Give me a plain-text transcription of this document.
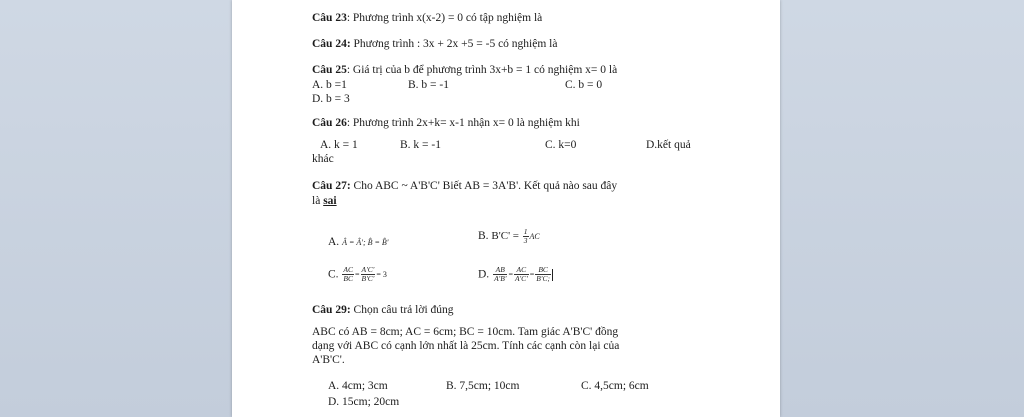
Câu 23: Phương trình x(x-2) = 0 có tập nghiệm là
Câu 24: Phương trình : 3x + 2x +5 = -5 có nghiệm là
Câu 25: Giá trị của b để phương trình 3x+b = 1 có nghiệm x= 0 là
A. b =1	B. b = -1	C. b = 0
D. b = 3
Câu 26: Phương trình 2x+k= x-1 nhận x= 0 là nghiệm khi
A. k = 1	B. k = -1	C. k=0	D.kết quả
khác
Câu 27: Cho ABC ~ A'B'C' Biết AB = 3A'B'. Kết quả nào sau đây
là sai
A. Â = Â'; B̂ = B̂'
B. $B'C' = \frac{1}{3}$ AC
C. $\frac{AC}{BC} = \frac{A'C'}{B'C'} = 3$	D. $\frac{AB}{A'B'} = \frac{AC}{A'C'} = \frac{BC}{B'C;}$
Câu 29: Chọn câu trả lời đúng
ABC có AB = 8cm; AC = 6cm; BC = 10cm. Tam giác A'B'C' đồng
dạng với ABC có cạnh lớn nhất là 25cm. Tính các cạnh còn lại của
A'B'C'.
A. 4cm; 3cm	B. 7,5cm; 10cm	C. 4,5cm; 6cm
D. 15cm; 20cm
